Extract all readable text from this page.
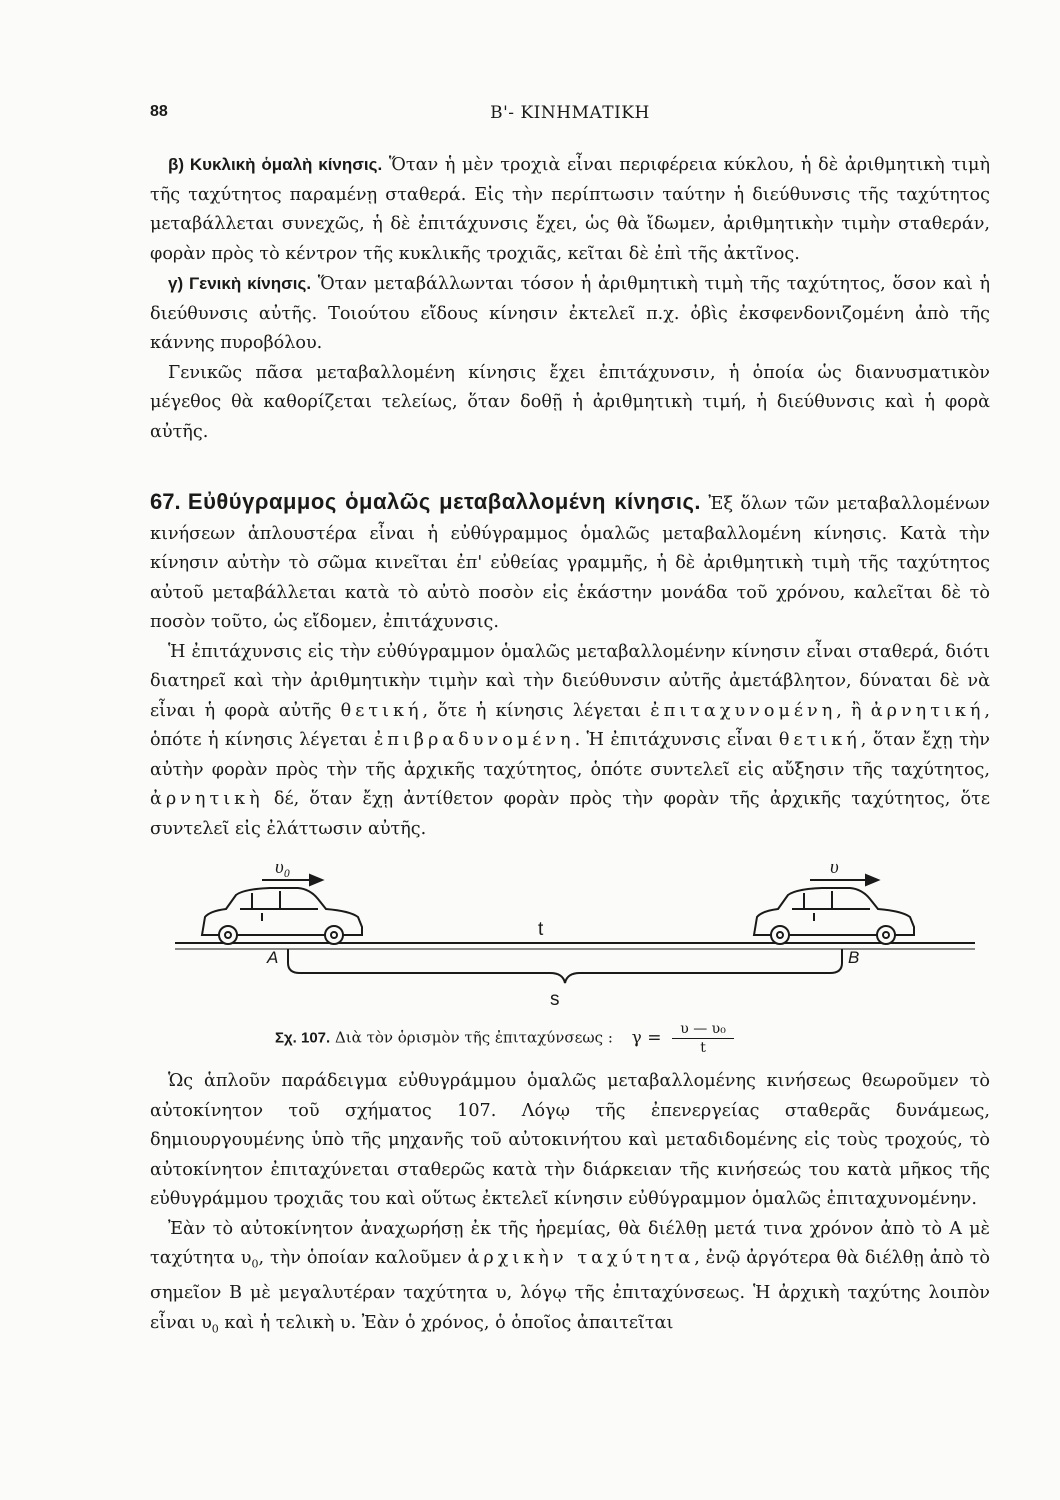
88	Β'- ΚΙΝΗΜΑΤΙΚΗ

β) Κυκλικὴ ὁμαλὴ κίνησις. Ὅταν ἡ μὲν τροχιὰ εἶναι περιφέρεια κύκλου, ἡ δὲ ἀριθμητικὴ τιμὴ τῆς ταχύτητος παραμένῃ σταθερά. Εἰς τὴν περίπτωσιν ταύτην ἡ διεύθυνσις τῆς ταχύτητος μεταβάλλεται συνεχῶς, ἡ δὲ ἐπιτάχυνσις ἔχει, ὡς θὰ ἴδωμεν, ἀριθμητικὴν τιμὴν σταθεράν, φορὰν πρὸς τὸ κέντρον τῆς κυκλικῆς τροχιᾶς, κεῖται δὲ ἐπὶ τῆς ἀκτῖνος.

γ) Γενικὴ κίνησις. Ὅταν μεταβάλλωνται τόσον ἡ ἀριθμητικὴ τιμὴ τῆς ταχύτητος, ὅσον καὶ ἡ διεύθυνσις αὐτῆς. Τοιούτου εἴδους κίνησιν ἐκτελεῖ π.χ. ὀβὶς ἐκσφενδονιζομένη ἀπὸ τῆς κάννης πυροβόλου.

Γενικῶς πᾶσα μεταβαλλομένη κίνησις ἔχει ἐπιτάχυνσιν, ἡ ὁποία ὡς διανυσματικὸν μέγεθος θὰ καθορίζεται τελείως, ὅταν δοθῇ ἡ ἀριθμητικὴ τιμή, ἡ διεύθυνσις καὶ ἡ φορὰ αὐτῆς.

67. Εὐθύγραμμος ὁμαλῶς μεταβαλλομένη κίνησις. Ἐξ ὅλων τῶν μεταβαλλομένων κινήσεων ἁπλουστέρα εἶναι ἡ εὐθύγραμμος ὁμαλῶς μεταβαλλομένη κίνησις. Κατὰ τὴν κίνησιν αὐτὴν τὸ σῶμα κινεῖται ἐπ' εὐθείας γραμμῆς, ἡ δὲ ἀριθμητικὴ τιμὴ τῆς ταχύτητος αὐτοῦ μεταβάλλεται κατὰ τὸ αὐτὸ ποσὸν εἰς ἑκάστην μονάδα τοῦ χρόνου, καλεῖται δὲ τὸ ποσὸν τοῦτο, ὡς εἴδομεν, ἐπιτάχυνσις.

Ἡ ἐπιτάχυνσις εἰς τὴν εὐθύγραμμον ὁμαλῶς μεταβαλλομένην κίνησιν εἶναι σταθερά, διότι διατηρεῖ καὶ τὴν ἀριθμητικὴν τιμὴν καὶ τὴν διεύθυνσιν αὐτῆς ἀμετάβλητον, δύναται δὲ νὰ εἶναι ἡ φορὰ αὐτῆς θετική, ὅτε ἡ κίνησις λέγεται ἐπιταχυνομένη, ἢ ἀρνητική, ὁπότε ἡ κίνησις λέγεται ἐπιβραδυνομένη. Ἡ ἐπιτάχυνσις εἶναι θετική, ὅταν ἔχῃ τὴν αὐτὴν φορὰν πρὸς τὴν τῆς ἀρχικῆς ταχύτητος, ὁπότε συντελεῖ εἰς αὔξησιν τῆς ταχύτητος, ἀρνητικὴ δέ, ὅταν ἔχῃ ἀντίθετον φορὰν πρὸς τὴν φορὰν τῆς ἀρχικῆς ταχύτητος, ὅτε συντελεῖ εἰς ἐλάττωσιν αὐτῆς.

υ₀	υ
t
A	B
s
Σχ. 107. Διὰ τὸν ὁρισμὸν τῆς ἐπιταχύνσεως : $\gamma = \frac{\text{υ — υ₀}}{t}$

Ὡς ἁπλοῦν παράδειγμα εὐθυγράμμου ὁμαλῶς μεταβαλλομένης κινήσεως θεωροῦμεν τὸ αὐτοκίνητον τοῦ σχήματος 107. Λόγῳ τῆς ἐπενεργείας σταθερᾶς δυνάμεως, δημιουργουμένης ὑπὸ τῆς μηχανῆς τοῦ αὐτοκινήτου καὶ μεταδιδομένης εἰς τοὺς τροχούς, τὸ αὐτοκίνητον ἐπιταχύνεται σταθερῶς κατὰ τὴν διάρκειαν τῆς κινήσεώς του κατὰ μῆκος τῆς εὐθυγράμμου τροχιᾶς του καὶ οὕτως ἐκτελεῖ κίνησιν εὐθύγραμμον ὁμαλῶς ἐπιταχυνομένην.

Ἐὰν τὸ αὐτοκίνητον ἀναχωρήσῃ ἐκ τῆς ἠρεμίας, θὰ διέλθῃ μετά τινα χρόνον ἀπὸ τὸ Α μὲ ταχύτητα $\upsilon_0$, τὴν ὁποίαν καλοῦμεν ἀρχικὴν ταχύτητα, ἐνῷ ἀργότερα θὰ διέλθῃ ἀπὸ τὸ σημεῖον Β μὲ μεγαλυτέραν ταχύτητα υ, λόγῳ τῆς ἐπιταχύνσεως. Ἡ ἀρχικὴ ταχύτης λοιπὸν εἶναι $\upsilon_0$ καὶ ἡ τελικὴ υ. Ἐὰν ὁ χρόνος, ὁ ὁποῖος ἀπαιτεῖται
